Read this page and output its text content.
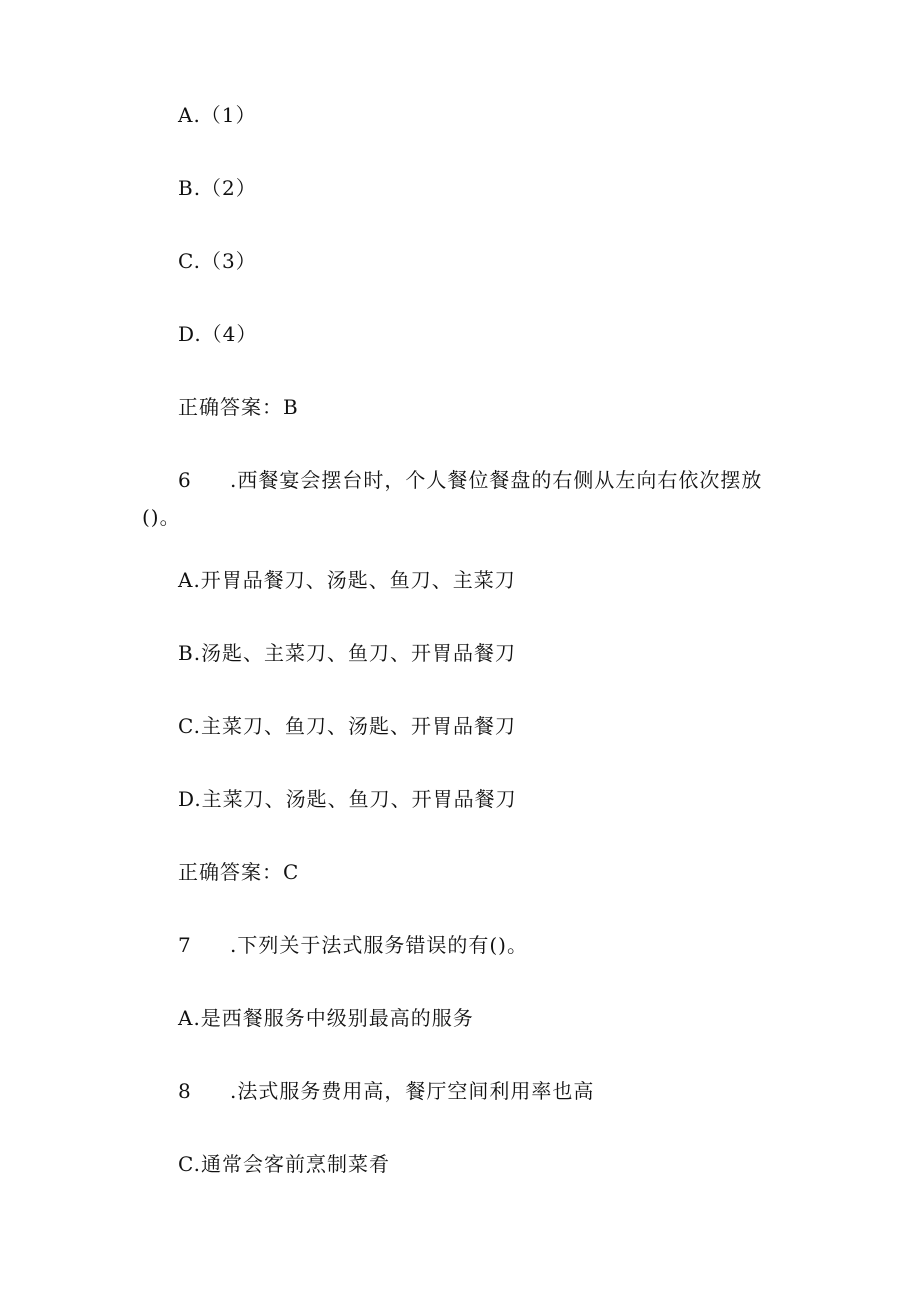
A.（1）
B.（2）
C.（3）
D.（4）
正确答案：B
6 .西餐宴会摆台时，个人餐位餐盘的右侧从左向右依次摆放()。
A.开胃品餐刀、汤匙、鱼刀、主菜刀
B.汤匙、主菜刀、鱼刀、开胃品餐刀
C.主菜刀、鱼刀、汤匙、开胃品餐刀
D.主菜刀、汤匙、鱼刀、开胃品餐刀
正确答案：C
7 .下列关于法式服务错误的有()。
A.是西餐服务中级别最高的服务
8 .法式服务费用高，餐厅空间利用率也高
C.通常会客前烹制菜肴
